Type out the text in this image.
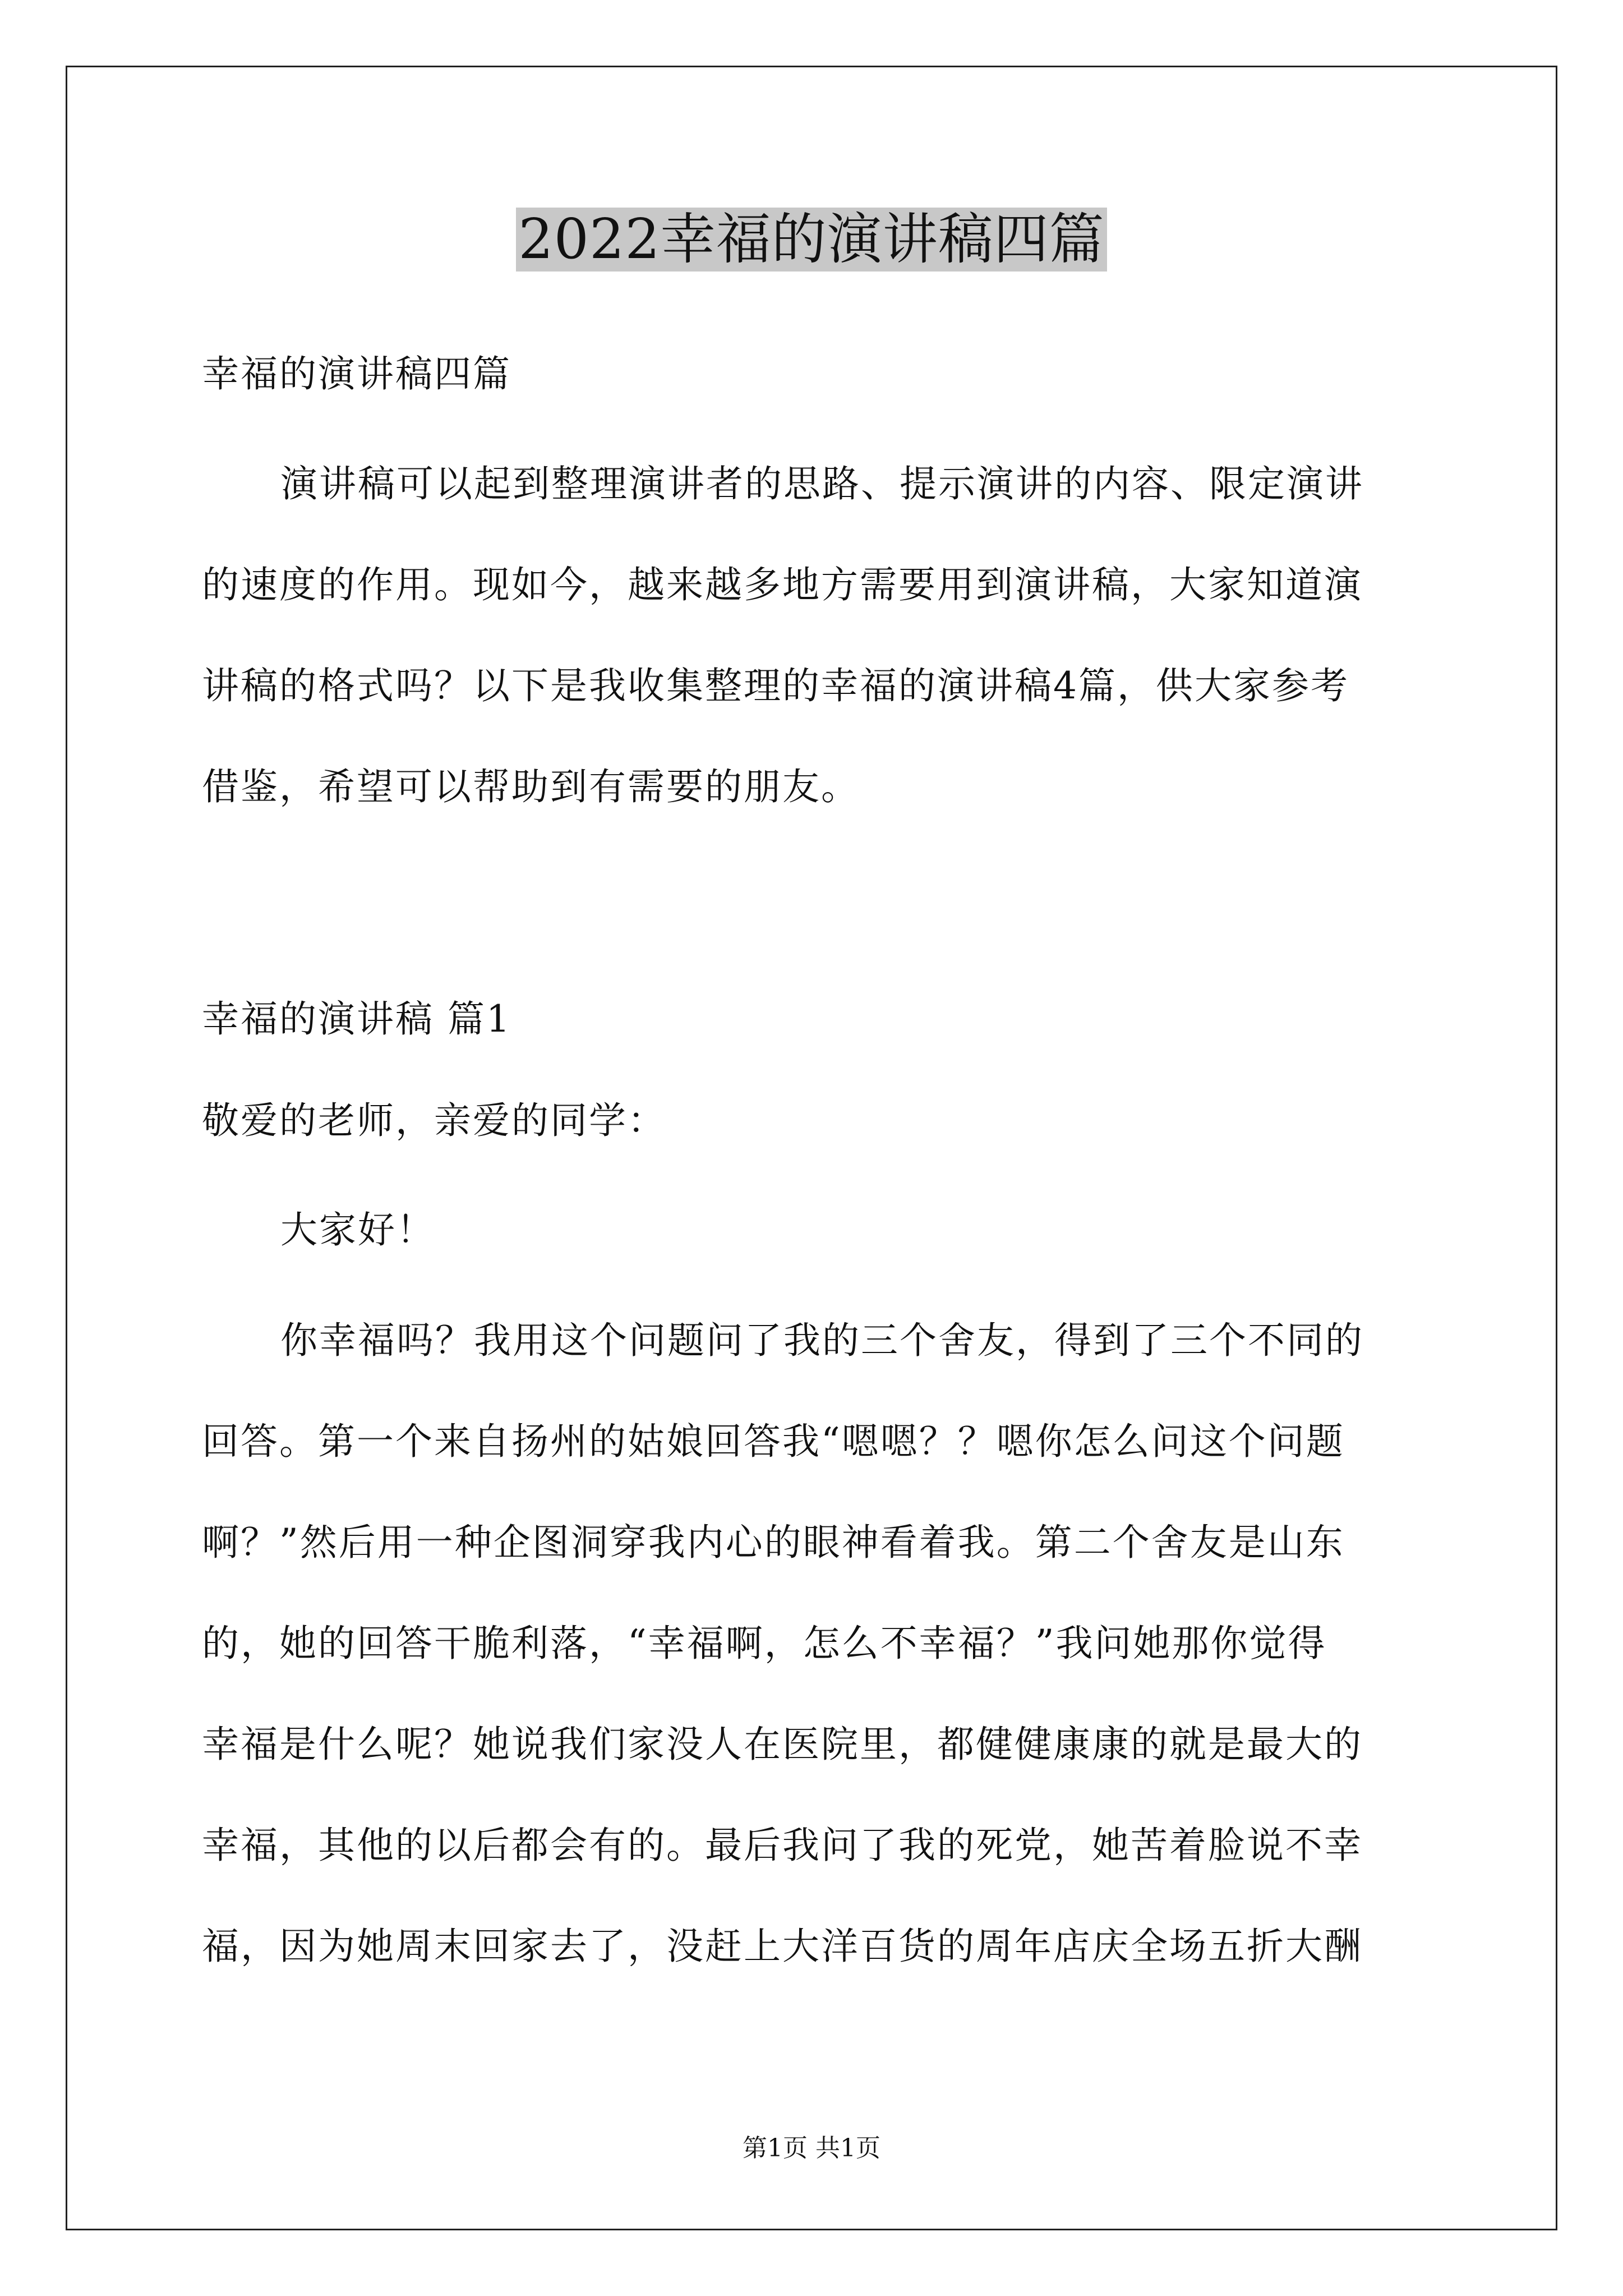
2022幸福的演讲稿四篇
幸福的演讲稿四篇
演讲稿可以起到整理演讲者的思路、提示演讲的内容、限定演讲
的速度的作用。现如今，越来越多地方需要用到演讲稿，大家知道演
讲稿的格式吗？以下是我收集整理的幸福的演讲稿4篇，供大家参考
借鉴，希望可以帮助到有需要的朋友。
幸福的演讲稿 篇1
敬爱的老师，亲爱的同学：
大家好！
你幸福吗？我用这个问题问了我的三个舍友，得到了三个不同的
回答。第一个来自扬州的姑娘回答我“嗯嗯？？嗯你怎么问这个问题
啊？”然后用一种企图洞穿我内心的眼神看着我。第二个舍友是山东
的，她的回答干脆利落，“幸福啊，怎么不幸福？”我问她那你觉得
幸福是什么呢？她说我们家没人在医院里，都健健康康的就是最大的
幸福，其他的以后都会有的。最后我问了我的死党，她苦着脸说不幸
福，因为她周末回家去了，没赶上大洋百货的周年店庆全场五折大酬
第1页 共1页
